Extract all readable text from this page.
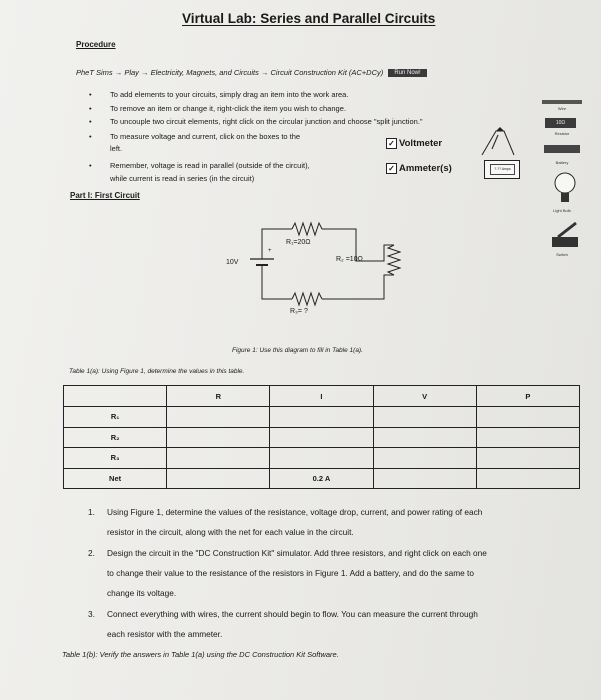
Virtual Lab: Series and Parallel Circuits
Procedure
PheT Sims → Play → Electricity, Magnets, and Circuits → Circuit Construction Kit (AC+DCy) Run Now!
• To add elements to your circuits, simply drag an item into the work area.
• To remove an item or change it, right-click the item you wish to change.
• To uncouple two circuit elements, right click on the circular junction and choose "split junction."
• To measure voltage and current, click on the boxes to the
left.
• Remember, voltage is read in parallel (outside of the circuit),
while current is read in series (in the circuit)
✓ Voltmeter
✓ Ammeter(s)	?.?? Amps
Wire
10Ω
Resistor
Battery
Light Bulb
Switch
Part I: First Circuit
R₁=20Ω
R₂ =10Ω
R₃= ?
10V
+
Figure 1: Use this diagram to fill in Table 1(a).
Table 1(a): Using Figure 1, determine the values in this table.
	R	I	V	P
R₁				
R₂				
R₃				
Net		0.2 A		
1. Using Figure 1, determine the values of the resistance, voltage drop, current, and power rating of each
resistor in the circuit, along with the net for each value in the circuit.
2. Design the circuit in the "DC Construction Kit" simulator. Add three resistors, and right click on each one
to change their value to the resistance of the resistors in Figure 1. Add a battery, and do the same to
change its voltage.
3. Connect everything with wires, the current should begin to flow. You can measure the current through
each resistor with the ammeter.
Table 1(b): Verify the answers in Table 1(a) using the DC Construction Kit Software.
